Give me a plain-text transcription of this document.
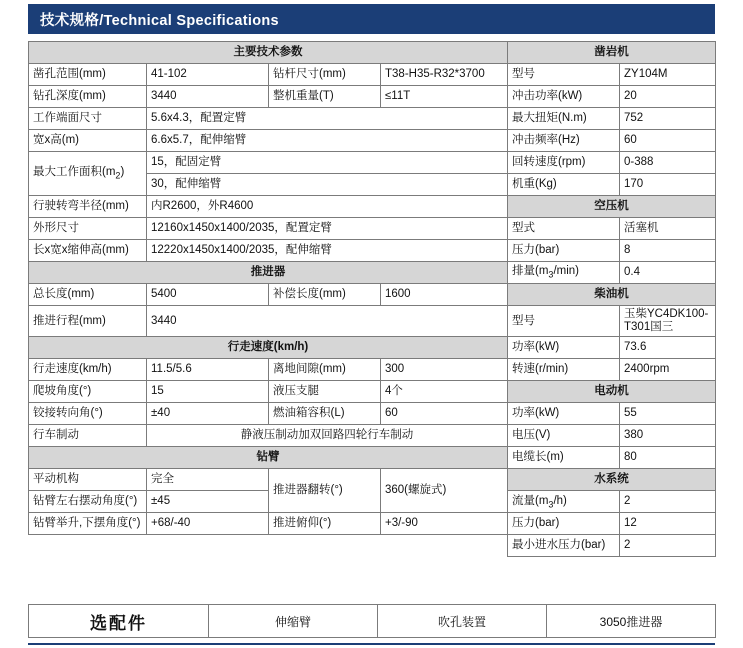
技术规格/Technical Specifications
主要技术参数				凿岩机	
凿孔范围(mm)	41-102	钻杆尺寸(mm)	T38-H35-R32*3700	型号	ZY104M
钻孔深度(mm)	3440	整机重量(T)	≤11T	冲击功率(kW)	20
工作端面尺寸	5.6x4.3，配置定臂			最大扭矩(N.m)	752
宽x高(m)	6.6x5.7，配伸缩臂			冲击频率(Hz)	60
最大工作面积$(m_2)$	15，配固定臂			回转速度(rpm)	0-388
	30，配伸缩臂			机重(Kg)	170
行驶转弯半径(mm)	内R2600，外R4600			空压机	
外形尺寸	12160x1450x1400/2035，配置定臂			型式	活塞机
长x宽x缩伸高(mm)	12220x1450x1400/2035，配伸缩臂			压力(bar)	8
推进器				排量$(m_3/\min)$	0.4
总长度(mm)	5400	补偿长度(mm)	1600	柴油机	
推进行程(mm)	3440			型号	玉柴YC4DK100-T301国三
行走速度(km/h)				功率(kW)	73.6
行走速度(km/h)	11.5/5.6	离地间隙(mm)	300	转速(r/min)	2400rpm
爬坡角度(°)	15	液压支腿	4个	电动机	
铰接转向角(°)	±40	燃油箱容积(L)	60	功率(kW)	55
行车制动	静液压制动加双回路四轮行车制动			电压(V)	380
钻臂				电缆长(m)	80
平动机构	完全	推进器翻转(°)	360(螺旋式)	水系统	
钻臂左右摆动角度(°)	±45			流量$(m_3/h)$	2
钻臂举升,下摆角度(°)	+68/-40	推进俯仰(°)	+3/-90	压力(bar)	12
				最小进水压力(bar)	2
选配件	伸缩臂	吹孔装置	3050推进器
